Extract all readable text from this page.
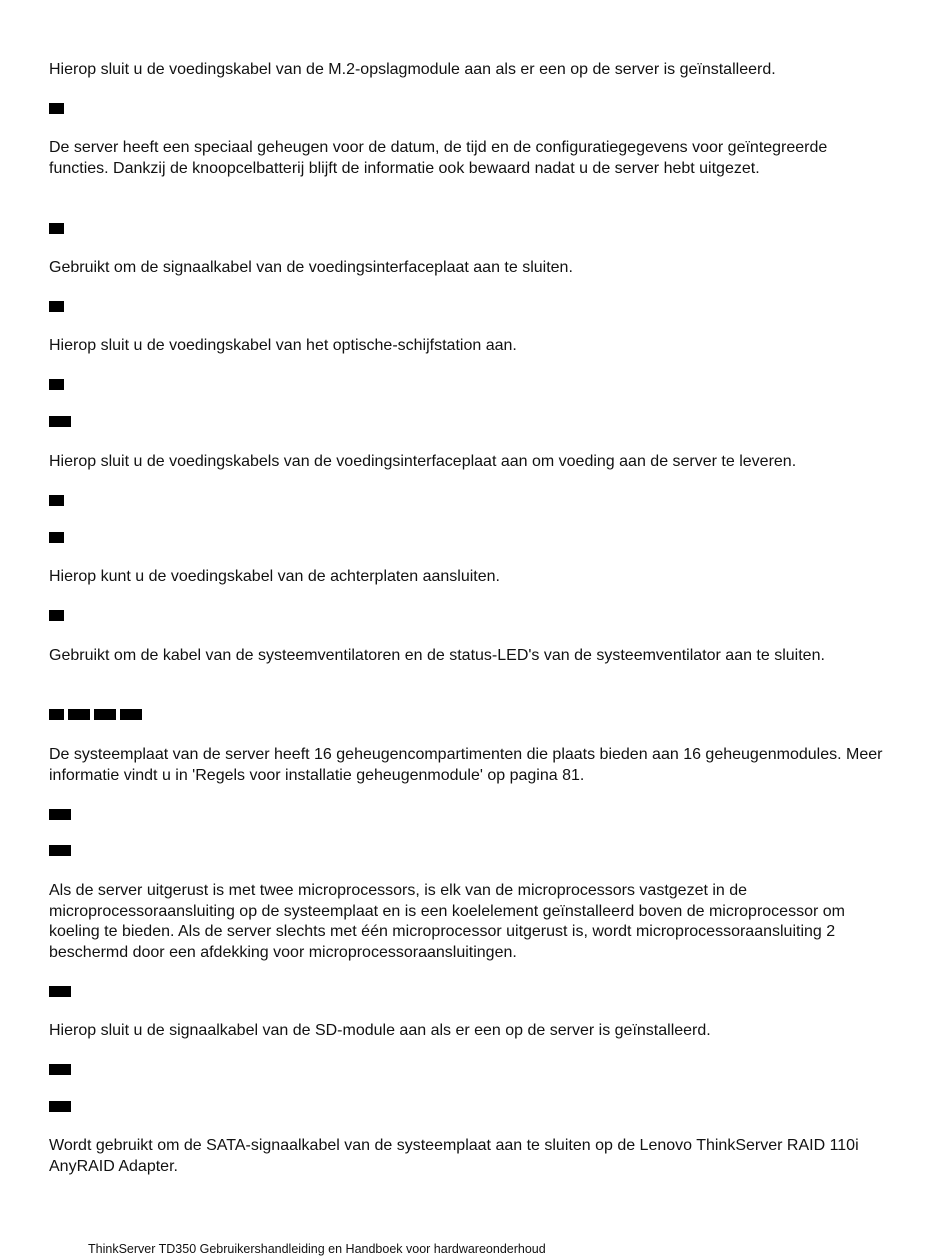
Hierop sluit u de voedingskabel van de M.2-opslagmodule aan als er een op de server is geïnstalleerd.

De server heeft een speciaal geheugen voor de datum, de tijd en de configuratiegegevens voor geïntegreerde functies. Dankzij de knoopcelbatterij blijft de informatie ook bewaard nadat u de server hebt uitgezet.

Gebruikt om de signaalkabel van de voedingsinterfaceplaat aan te sluiten.

Hierop sluit u de voedingskabel van het optische-schijfstation aan.

Hierop sluit u de voedingskabels van de voedingsinterfaceplaat aan om voeding aan de server te leveren.

Hierop kunt u de voedingskabel van de achterplaten aansluiten.

Gebruikt om de kabel van de systeemventilatoren en de status-LED's van de systeemventilator aan te sluiten.

De systeemplaat van de server heeft 16 geheugencompartimenten die plaats bieden aan 16 geheugenmodules. Meer informatie vindt u in 'Regels voor installatie geheugenmodule' op pagina 81.

Als de server uitgerust is met twee microprocessors, is elk van de microprocessors vastgezet in de microprocessoraansluiting op de systeemplaat en is een koelelement geïnstalleerd boven de microprocessor om koeling te bieden. Als de server slechts met één microprocessor uitgerust is, wordt microprocessoraansluiting 2 beschermd door een afdekking voor microprocessoraansluitingen.

Hierop sluit u de signaalkabel van de SD-module aan als er een op de server is geïnstalleerd.

Wordt gebruikt om de SATA-signaalkabel van de systeemplaat aan te sluiten op de Lenovo ThinkServer RAID 110i AnyRAID Adapter.

ThinkServer TD350 Gebruikershandleiding en Handboek voor hardwareonderhoud
